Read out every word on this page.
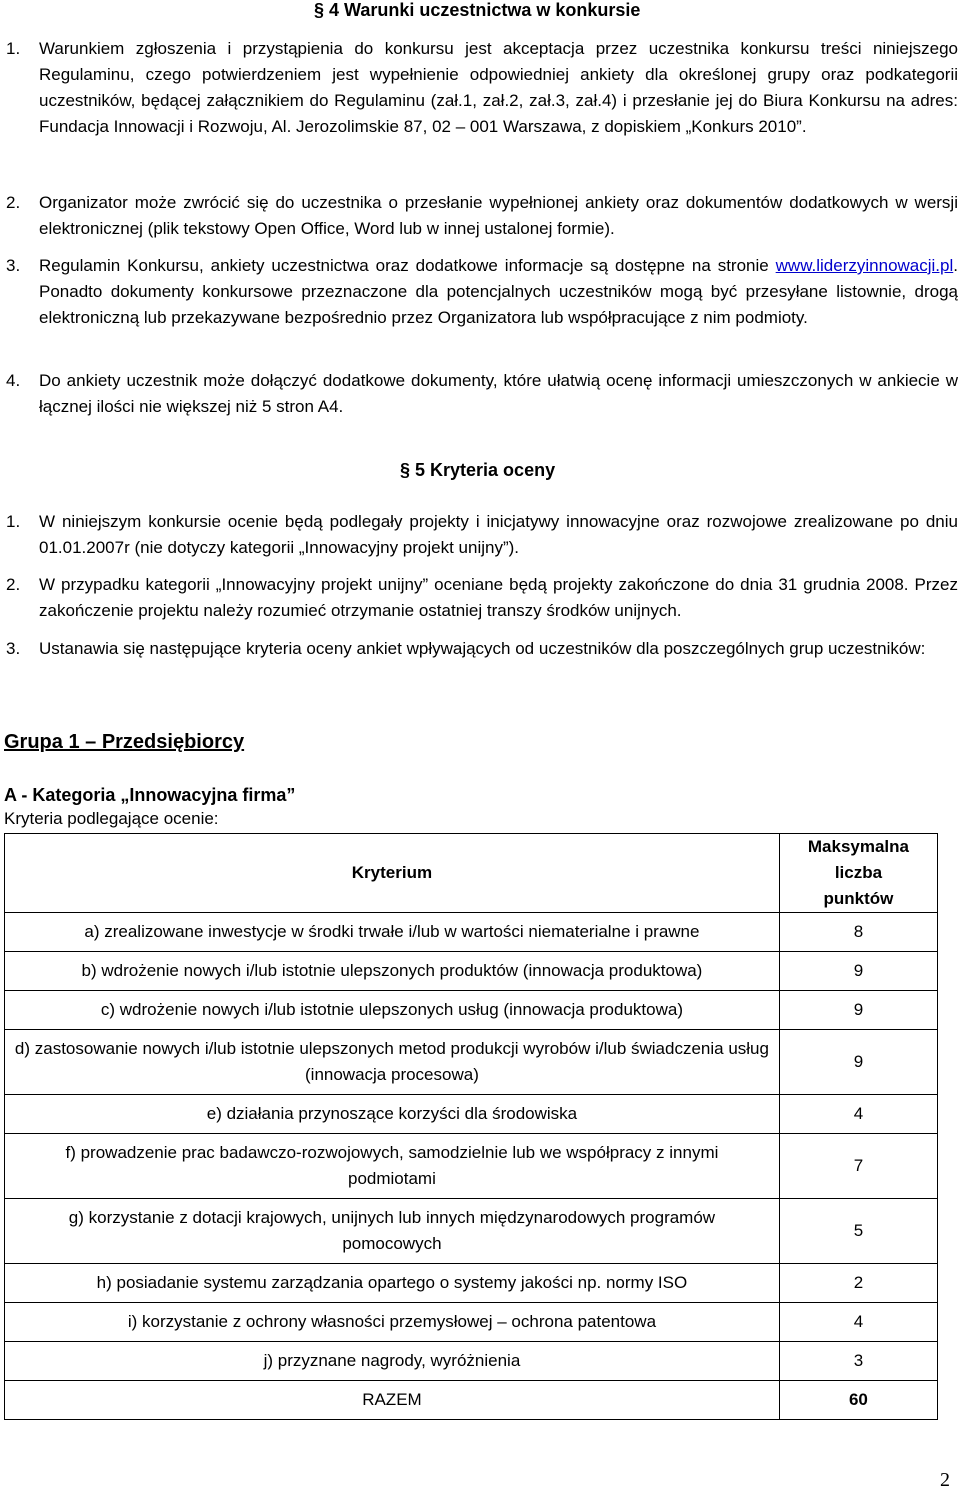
§ 4 Warunki uczestnictwa w konkursie
1. Warunkiem zgłoszenia i przystąpienia do konkursu jest akceptacja przez uczestnika konkursu treści niniejszego Regulaminu, czego potwierdzeniem jest wypełnienie odpowiedniej ankiety dla określonej grupy oraz podkategorii uczestników, będącej załącznikiem do Regulaminu (zał.1, zał.2, zał.3, zał.4) i przesłanie jej do Biura Konkursu na adres: Fundacja Innowacji i Rozwoju, Al. Jerozolimskie 87, 02 – 001 Warszawa, z dopiskiem „Konkurs 2010”.
2. Organizator może zwrócić się do uczestnika o przesłanie wypełnionej ankiety oraz dokumentów dodatkowych w wersji elektronicznej (plik tekstowy Open Office, Word lub w innej ustalonej formie).
3. Regulamin Konkursu, ankiety uczestnictwa oraz dodatkowe informacje są dostępne na stronie www.liderzyinnowacji.pl. Ponadto dokumenty konkursowe przeznaczone dla potencjalnych uczestników mogą być przesyłane listownie, drogą elektroniczną lub przekazywane bezpośrednio przez Organizatora lub współpracujące z nim podmioty.
4. Do ankiety uczestnik może dołączyć dodatkowe dokumenty, które ułatwią ocenę informacji umieszczonych w ankiecie w łącznej ilości nie większej niż 5 stron A4.
§ 5 Kryteria oceny
1. W niniejszym konkursie ocenie będą podlegały projekty i inicjatywy innowacyjne oraz rozwojowe zrealizowane po dniu 01.01.2007r (nie dotyczy kategorii „Innowacyjny projekt unijny”).
2. W przypadku kategorii „Innowacyjny projekt unijny” oceniane będą projekty zakończone do dnia 31 grudnia 2008. Przez zakończenie projektu należy rozumieć otrzymanie ostatniej transzy środków unijnych.
3. Ustanawia się następujące kryteria oceny ankiet wpływających od uczestników dla poszczególnych grup uczestników:
Grupa 1 – Przedsiębiorcy
A - Kategoria „Innowacyjna firma”
Kryteria podlegające ocenie:
Kryterium	Maksymalna liczba punktów
a) zrealizowane inwestycje w środki trwałe i/lub w wartości niematerialne i prawne	8
b) wdrożenie nowych i/lub istotnie ulepszonych produktów (innowacja produktowa)	9
c) wdrożenie nowych i/lub istotnie ulepszonych usług (innowacja produktowa)	9
d) zastosowanie nowych i/lub istotnie ulepszonych metod produkcji wyrobów i/lub świadczenia usług (innowacja procesowa)	9
e) działania przynoszące korzyści dla środowiska	4
f) prowadzenie prac badawczo-rozwojowych, samodzielnie lub we współpracy z innymi podmiotami	7
g) korzystanie z dotacji krajowych, unijnych lub innych międzynarodowych programów pomocowych	5
h) posiadanie systemu zarządzania opartego o systemy jakości np. normy ISO	2
i) korzystanie z ochrony własności przemysłowej – ochrona patentowa	4
j) przyznane nagrody, wyróżnienia	3
RAZEM	60
2
